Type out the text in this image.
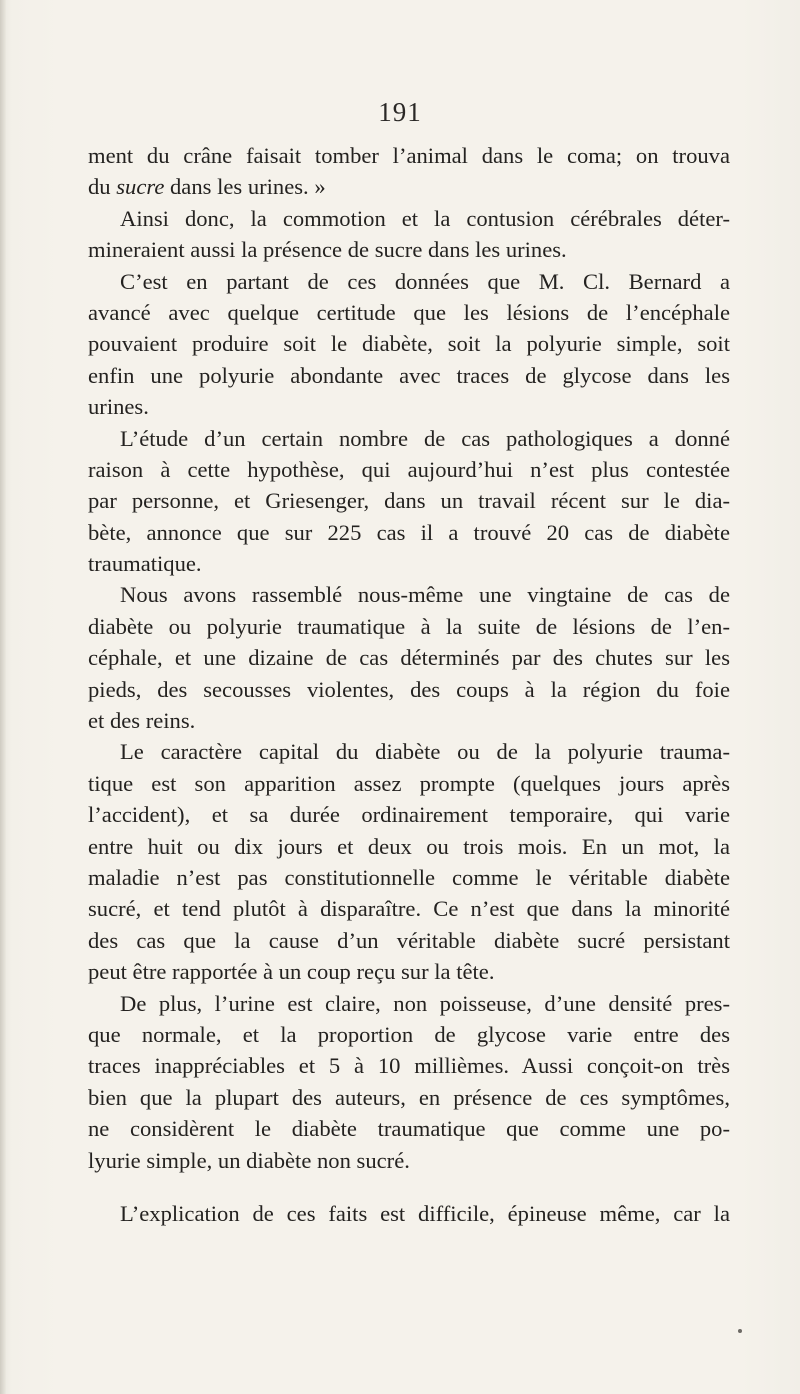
191
ment du crâne faisait tomber l’animal dans le coma; on trouva
du sucre dans les urines. »
Ainsi donc, la commotion et la contusion cérébrales déter-
mineraient aussi la présence de sucre dans les urines.
C’est en partant de ces données que M. Cl. Bernard a
avancé avec quelque certitude que les lésions de l’encéphale
pouvaient produire soit le diabète, soit la polyurie simple, soit
enfin une polyurie abondante avec traces de glycose dans les
urines.
L’étude d’un certain nombre de cas pathologiques a donné
raison à cette hypothèse, qui aujourd’hui n’est plus contestée
par personne, et Griesenger, dans un travail récent sur le dia-
bète, annonce que sur 225 cas il a trouvé 20 cas de diabète
traumatique.
Nous avons rassemblé nous-même une vingtaine de cas de
diabète ou polyurie traumatique à la suite de lésions de l’en-
céphale, et une dizaine de cas déterminés par des chutes sur les
pieds, des secousses violentes, des coups à la région du foie
et des reins.
Le caractère capital du diabète ou de la polyurie trauma-
tique est son apparition assez prompte (quelques jours après
l’accident), et sa durée ordinairement temporaire, qui varie
entre huit ou dix jours et deux ou trois mois. En un mot, la
maladie n’est pas constitutionnelle comme le véritable diabète
sucré, et tend plutôt à disparaître. Ce n’est que dans la minorité
des cas que la cause d’un véritable diabète sucré persistant
peut être rapportée à un coup reçu sur la tête.
De plus, l’urine est claire, non poisseuse, d’une densité pres-
que normale, et la proportion de glycose varie entre des
traces inappréciables et 5 à 10 millièmes. Aussi conçoit-on très
bien que la plupart des auteurs, en présence de ces symptômes,
ne considèrent le diabète traumatique que comme une po-
lyurie simple, un diabète non sucré.
L’explication de ces faits est difficile, épineuse même, car la
